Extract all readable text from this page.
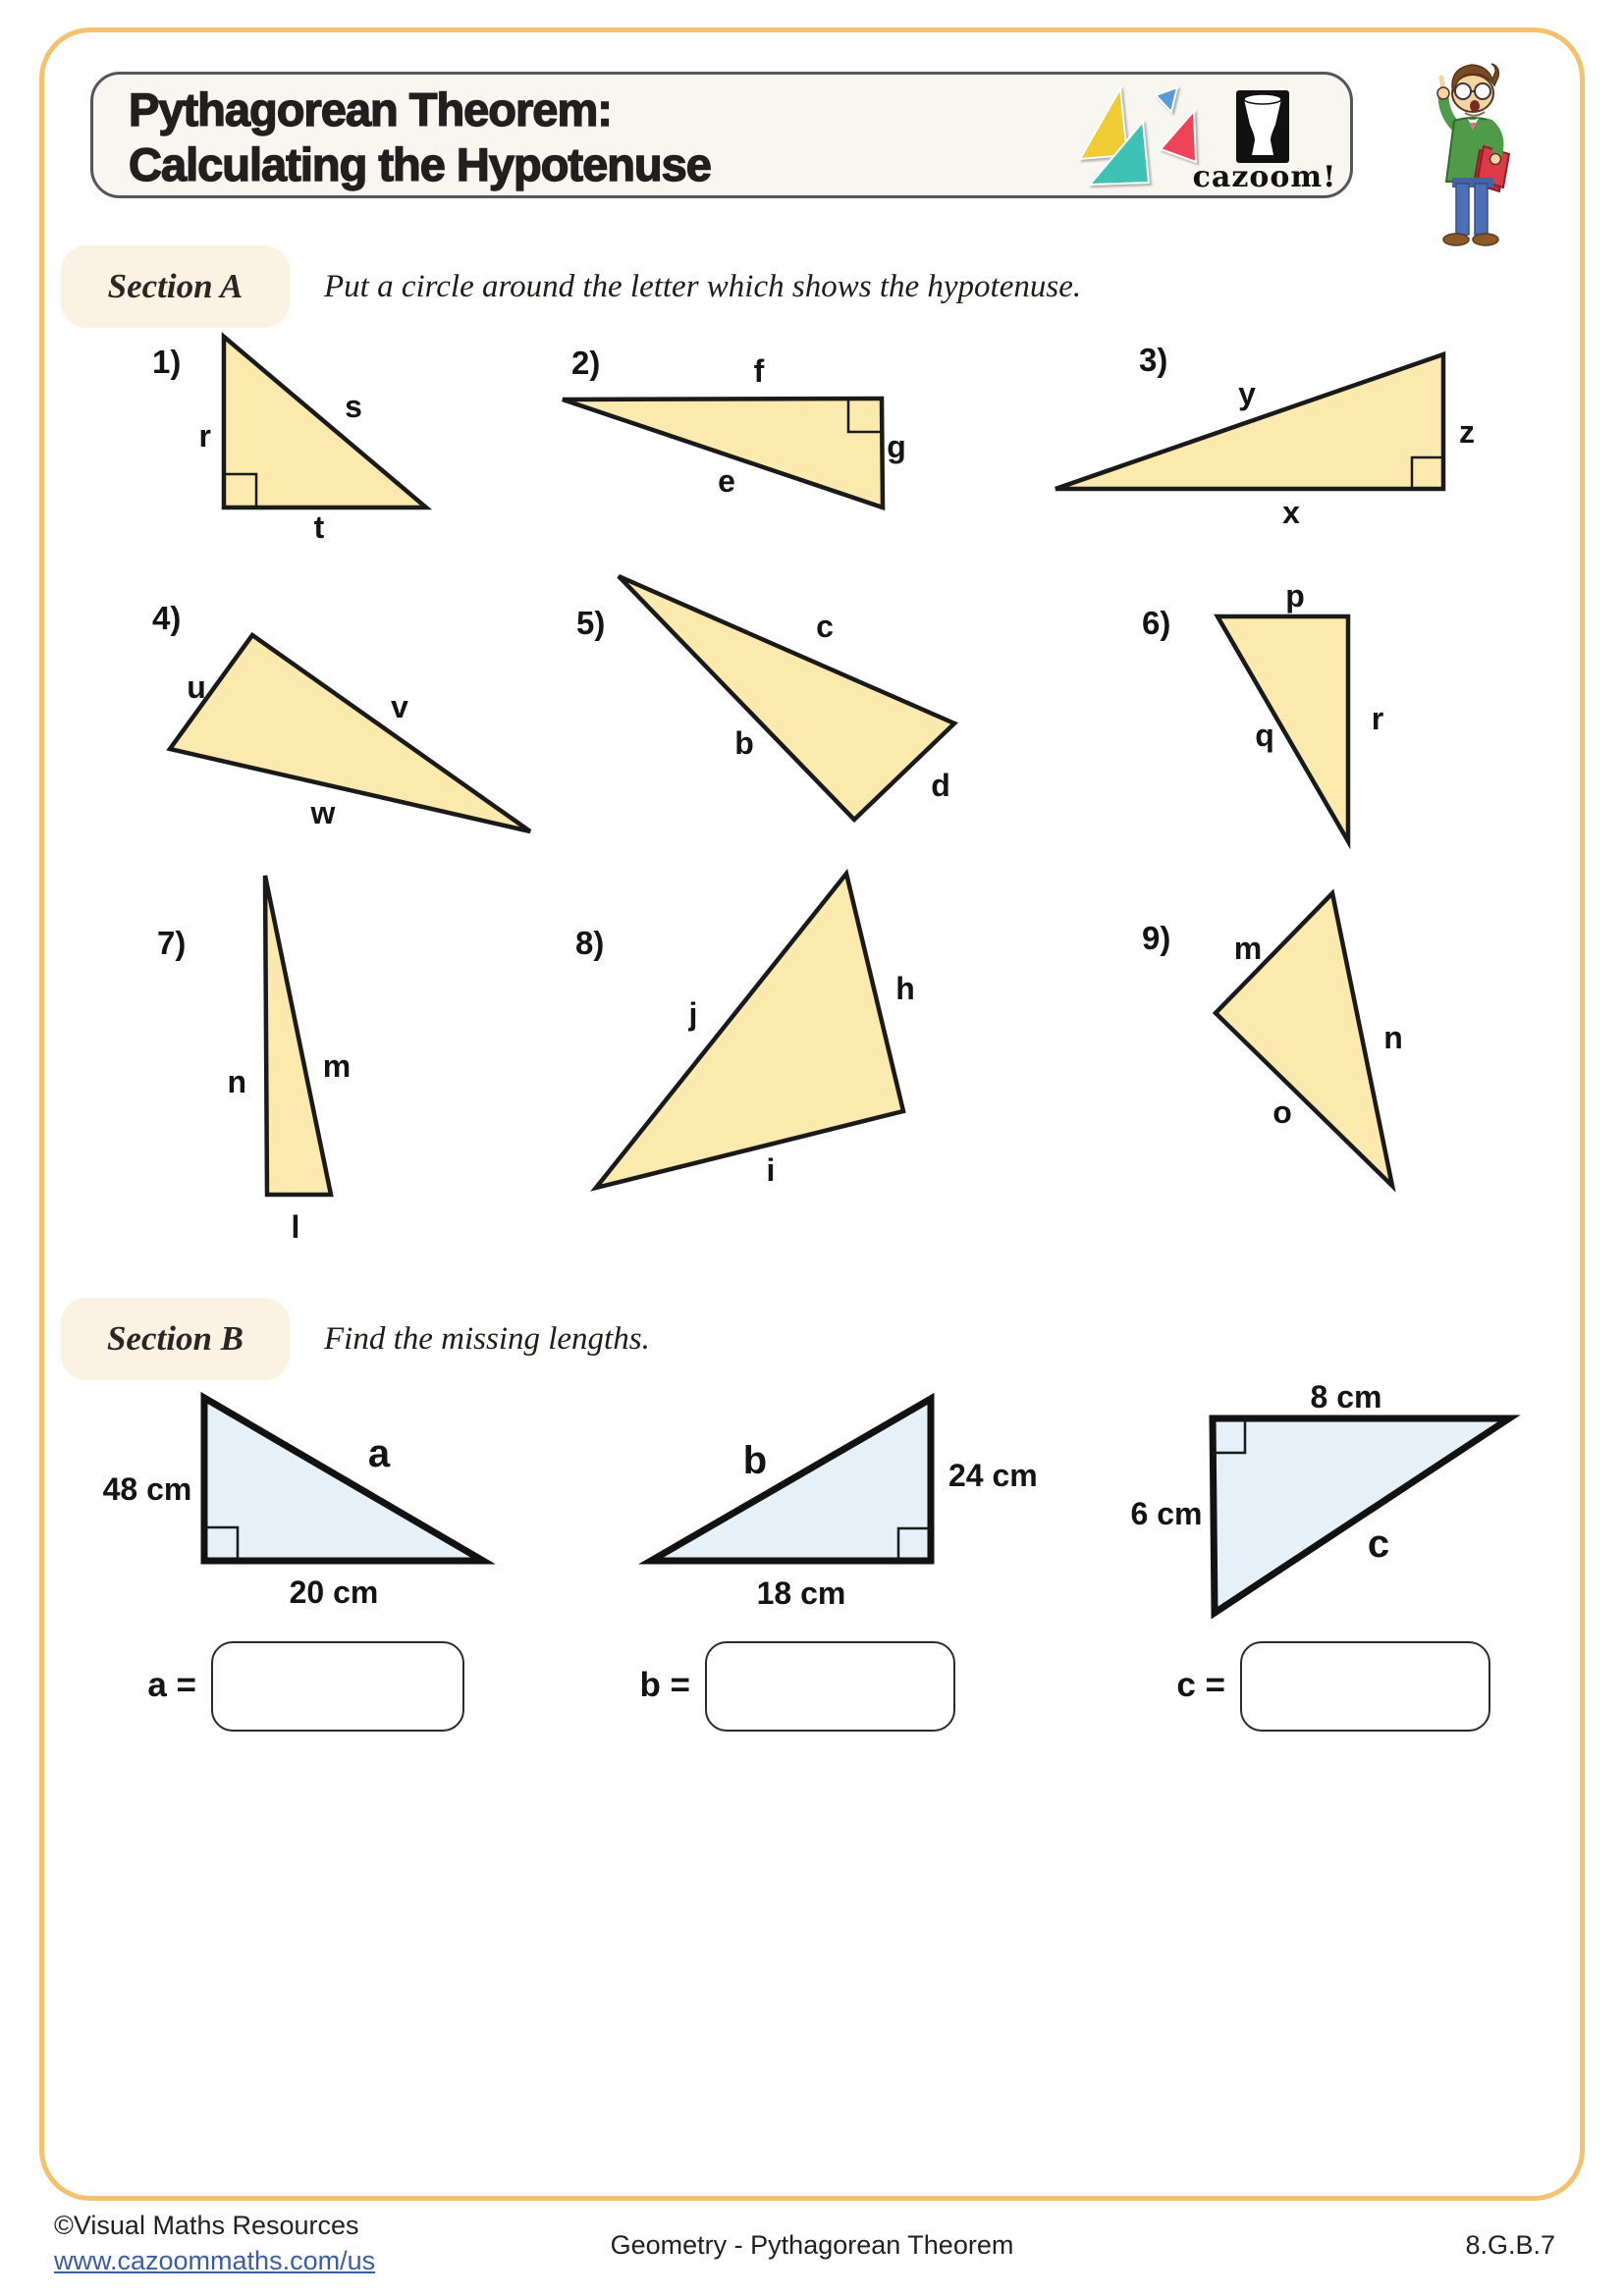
Pythagorean Theorem:
Calculating the Hypotenuse	cazoom!
Section A	Put a circle around the letter which shows the hypotenuse.
1)
r
s
t
2)	f
g
e
3)
y
z
x
4)
u
v
w
5)	c
b
d
6)
p
q	r
7)
n m
l
8)
j
h
i
9) m
n
o
Section B	Find the missing lengths.
48 cm
a
20 cm
b	24 cm
18 cm
8 cm
6 cm
c
a =	b =	c =
©Visual Maths Resources
www.cazoommaths.com/us
Geometry - Pythagorean Theorem	8.G.B.7
